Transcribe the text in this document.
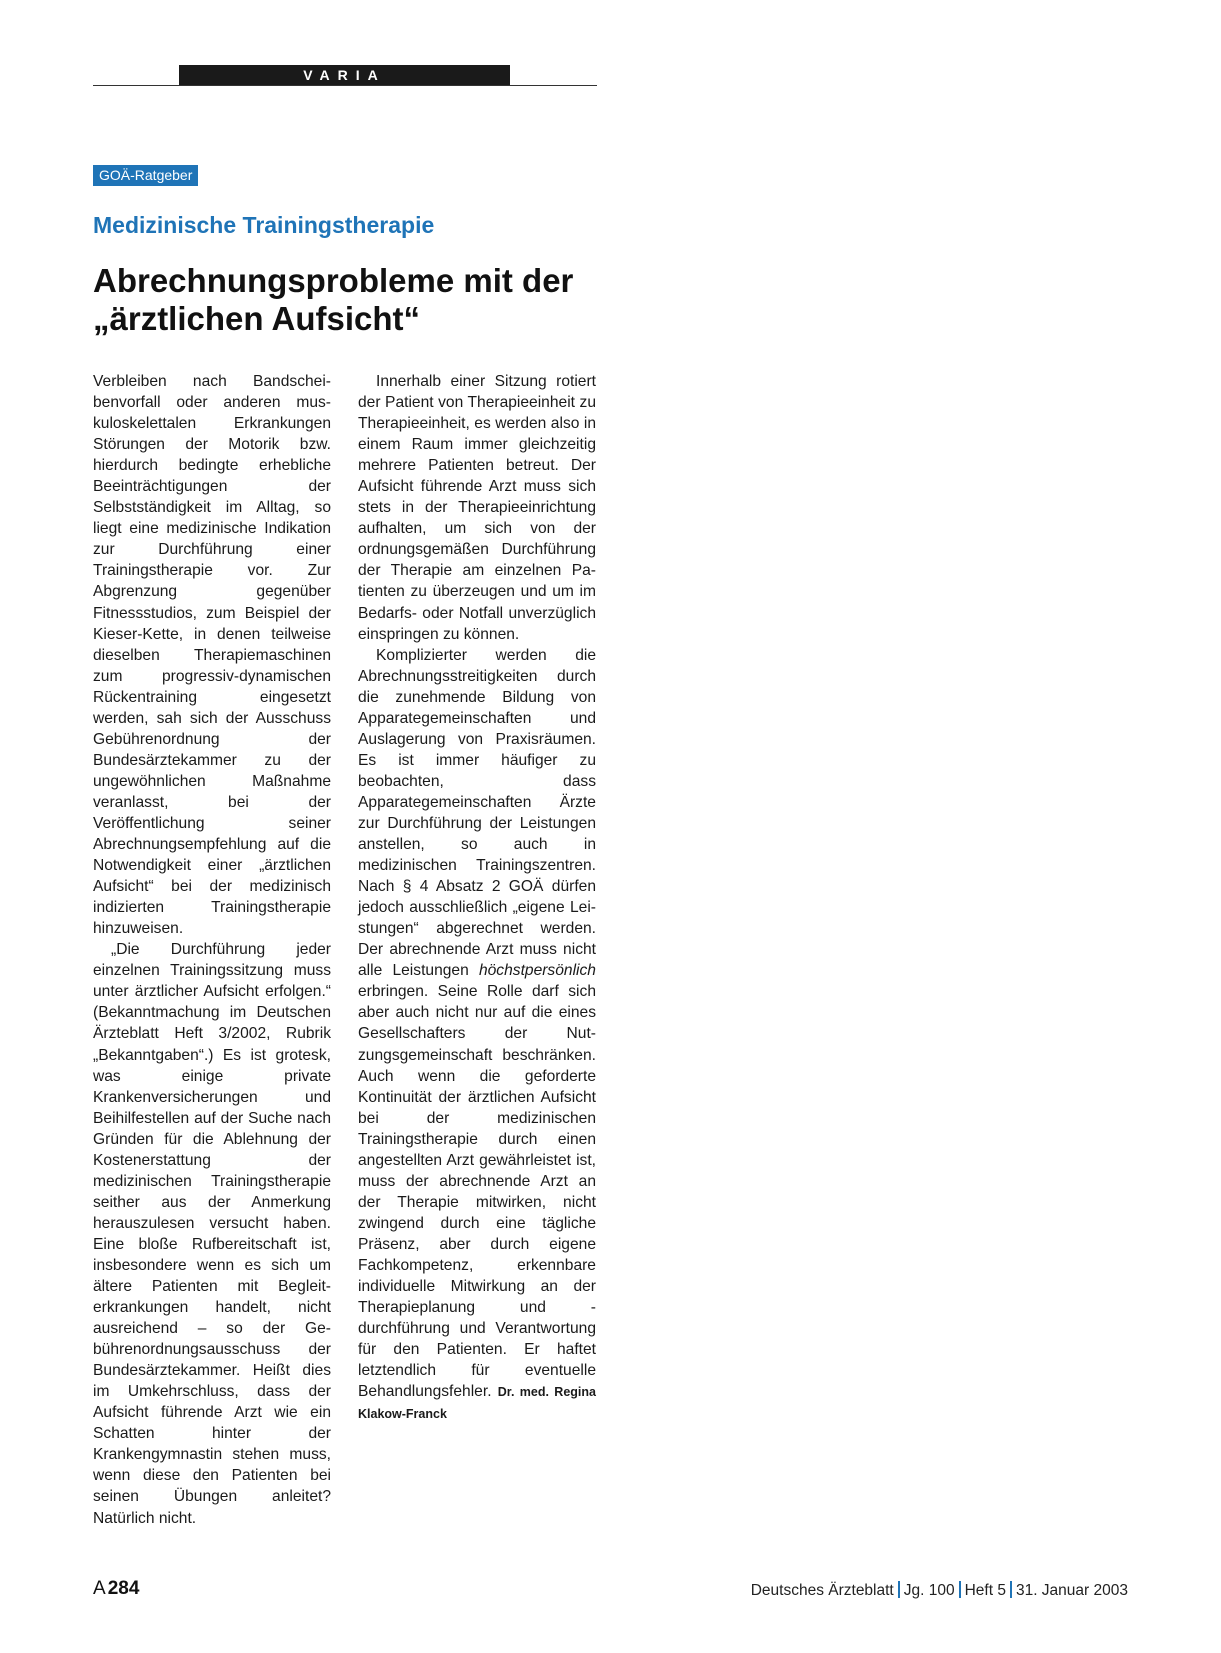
VARIA
GOÄ-Ratgeber
Medizinische Trainingstherapie
Abrechnungsprobleme mit der
„ärztlichen Aufsicht“

Verbleiben nach Bandscheibenvorfall oder anderen muskuloskelettalen Erkrankungen Störungen der Motorik bzw. hierdurch bedingte erhebliche Beeinträchtigungen der Selbstständigkeit im Alltag, so liegt eine medizinische Indikation zur Durchführung einer Trainingstherapie vor. Zur Abgrenzung gegenüber Fitnessstudios, zum Beispiel der Kieser-Kette, in denen teilweise dieselben Therapiemaschinen zum progressiv-dynamischen Rückentraining eingesetzt werden, sah sich der Ausschuss Gebührenordnung der Bundesärztekammer zu der ungewöhnlichen Maßnahme veranlasst, bei der Veröffentlichung seiner Abrechnungsempfehlung auf die Notwendigkeit einer „ärztlichen Aufsicht“ bei der medizinisch indizierten Trainingstherapie hinzuweisen.

„Die Durchführung jeder einzelnen Trainingssitzung muss unter ärztlicher Aufsicht erfolgen.“ (Bekanntmachung im Deutschen Ärzteblatt Heft 3/2002, Rubrik „Bekanntgaben“.) Es ist grotesk, was einige private Krankenversicherungen und Beihilfestellen auf der Suche nach Gründen für die Ablehnung der Kostenerstattung der medizinischen Trainingstherapie seither aus der Anmerkung herauszulesen versucht haben. Eine bloße Rufbereitschaft ist, insbesondere wenn es sich um ältere Patienten mit Begleiterkrankungen handelt, nicht ausreichend – so der Gebührenordnungsausschuss der Bundesärztekammer. Heißt dies im Umkehrschluss, dass der Aufsicht führende Arzt wie ein Schatten hinter der Krankengymnastin stehen muss, wenn diese den Patienten bei seinen Übungen anleitet? Natürlich nicht.

Innerhalb einer Sitzung rotiert der Patient von Therapieeinheit zu Therapieeinheit, es werden also in einem Raum immer gleichzeitig mehrere Patienten betreut. Der Aufsicht führende Arzt muss sich stets in der Therapieeinrichtung aufhalten, um sich von der ordnungsgemäßen Durchführung der Therapie am einzelnen Patienten zu überzeugen und um im Bedarfs- oder Notfall unverzüglich einspringen zu können.

Komplizierter werden die Abrechnungsstreitigkeiten durch die zunehmende Bildung von Apparategemeinschaften und Auslagerung von Praxisräumen. Es ist immer häufiger zu beobachten, dass Apparategemeinschaften Ärzte zur Durchführung der Leistungen anstellen, so auch in medizinischen Trainingszentren. Nach § 4 Absatz 2 GOÄ dürfen jedoch ausschließlich „eigene Leistungen“ abgerechnet werden. Der abrechnende Arzt muss nicht alle Leistungen höchstpersönlich erbringen. Seine Rolle darf sich aber auch nicht nur auf die eines Gesellschafters der Nutzungsgemeinschaft beschränken. Auch wenn die geforderte Kontinuität der ärztlichen Aufsicht bei der medizinischen Trainingstherapie durch einen angestellten Arzt gewährleistet ist, muss der abrechnende Arzt an der Therapie mitwirken, nicht zwingend durch eine tägliche Präsenz, aber durch eigene Fachkompetenz, erkennbare individuelle Mitwirkung an der Therapieplanung und -durchführung und Verantwortung für den Patienten. Er haftet letztendlich für eventuelle Behandlungsfehler. Dr. med. Regina Klakow-Franck

A 284	Deutsches Ärzteblatt Jg. 100 Heft 5 31. Januar 2003
